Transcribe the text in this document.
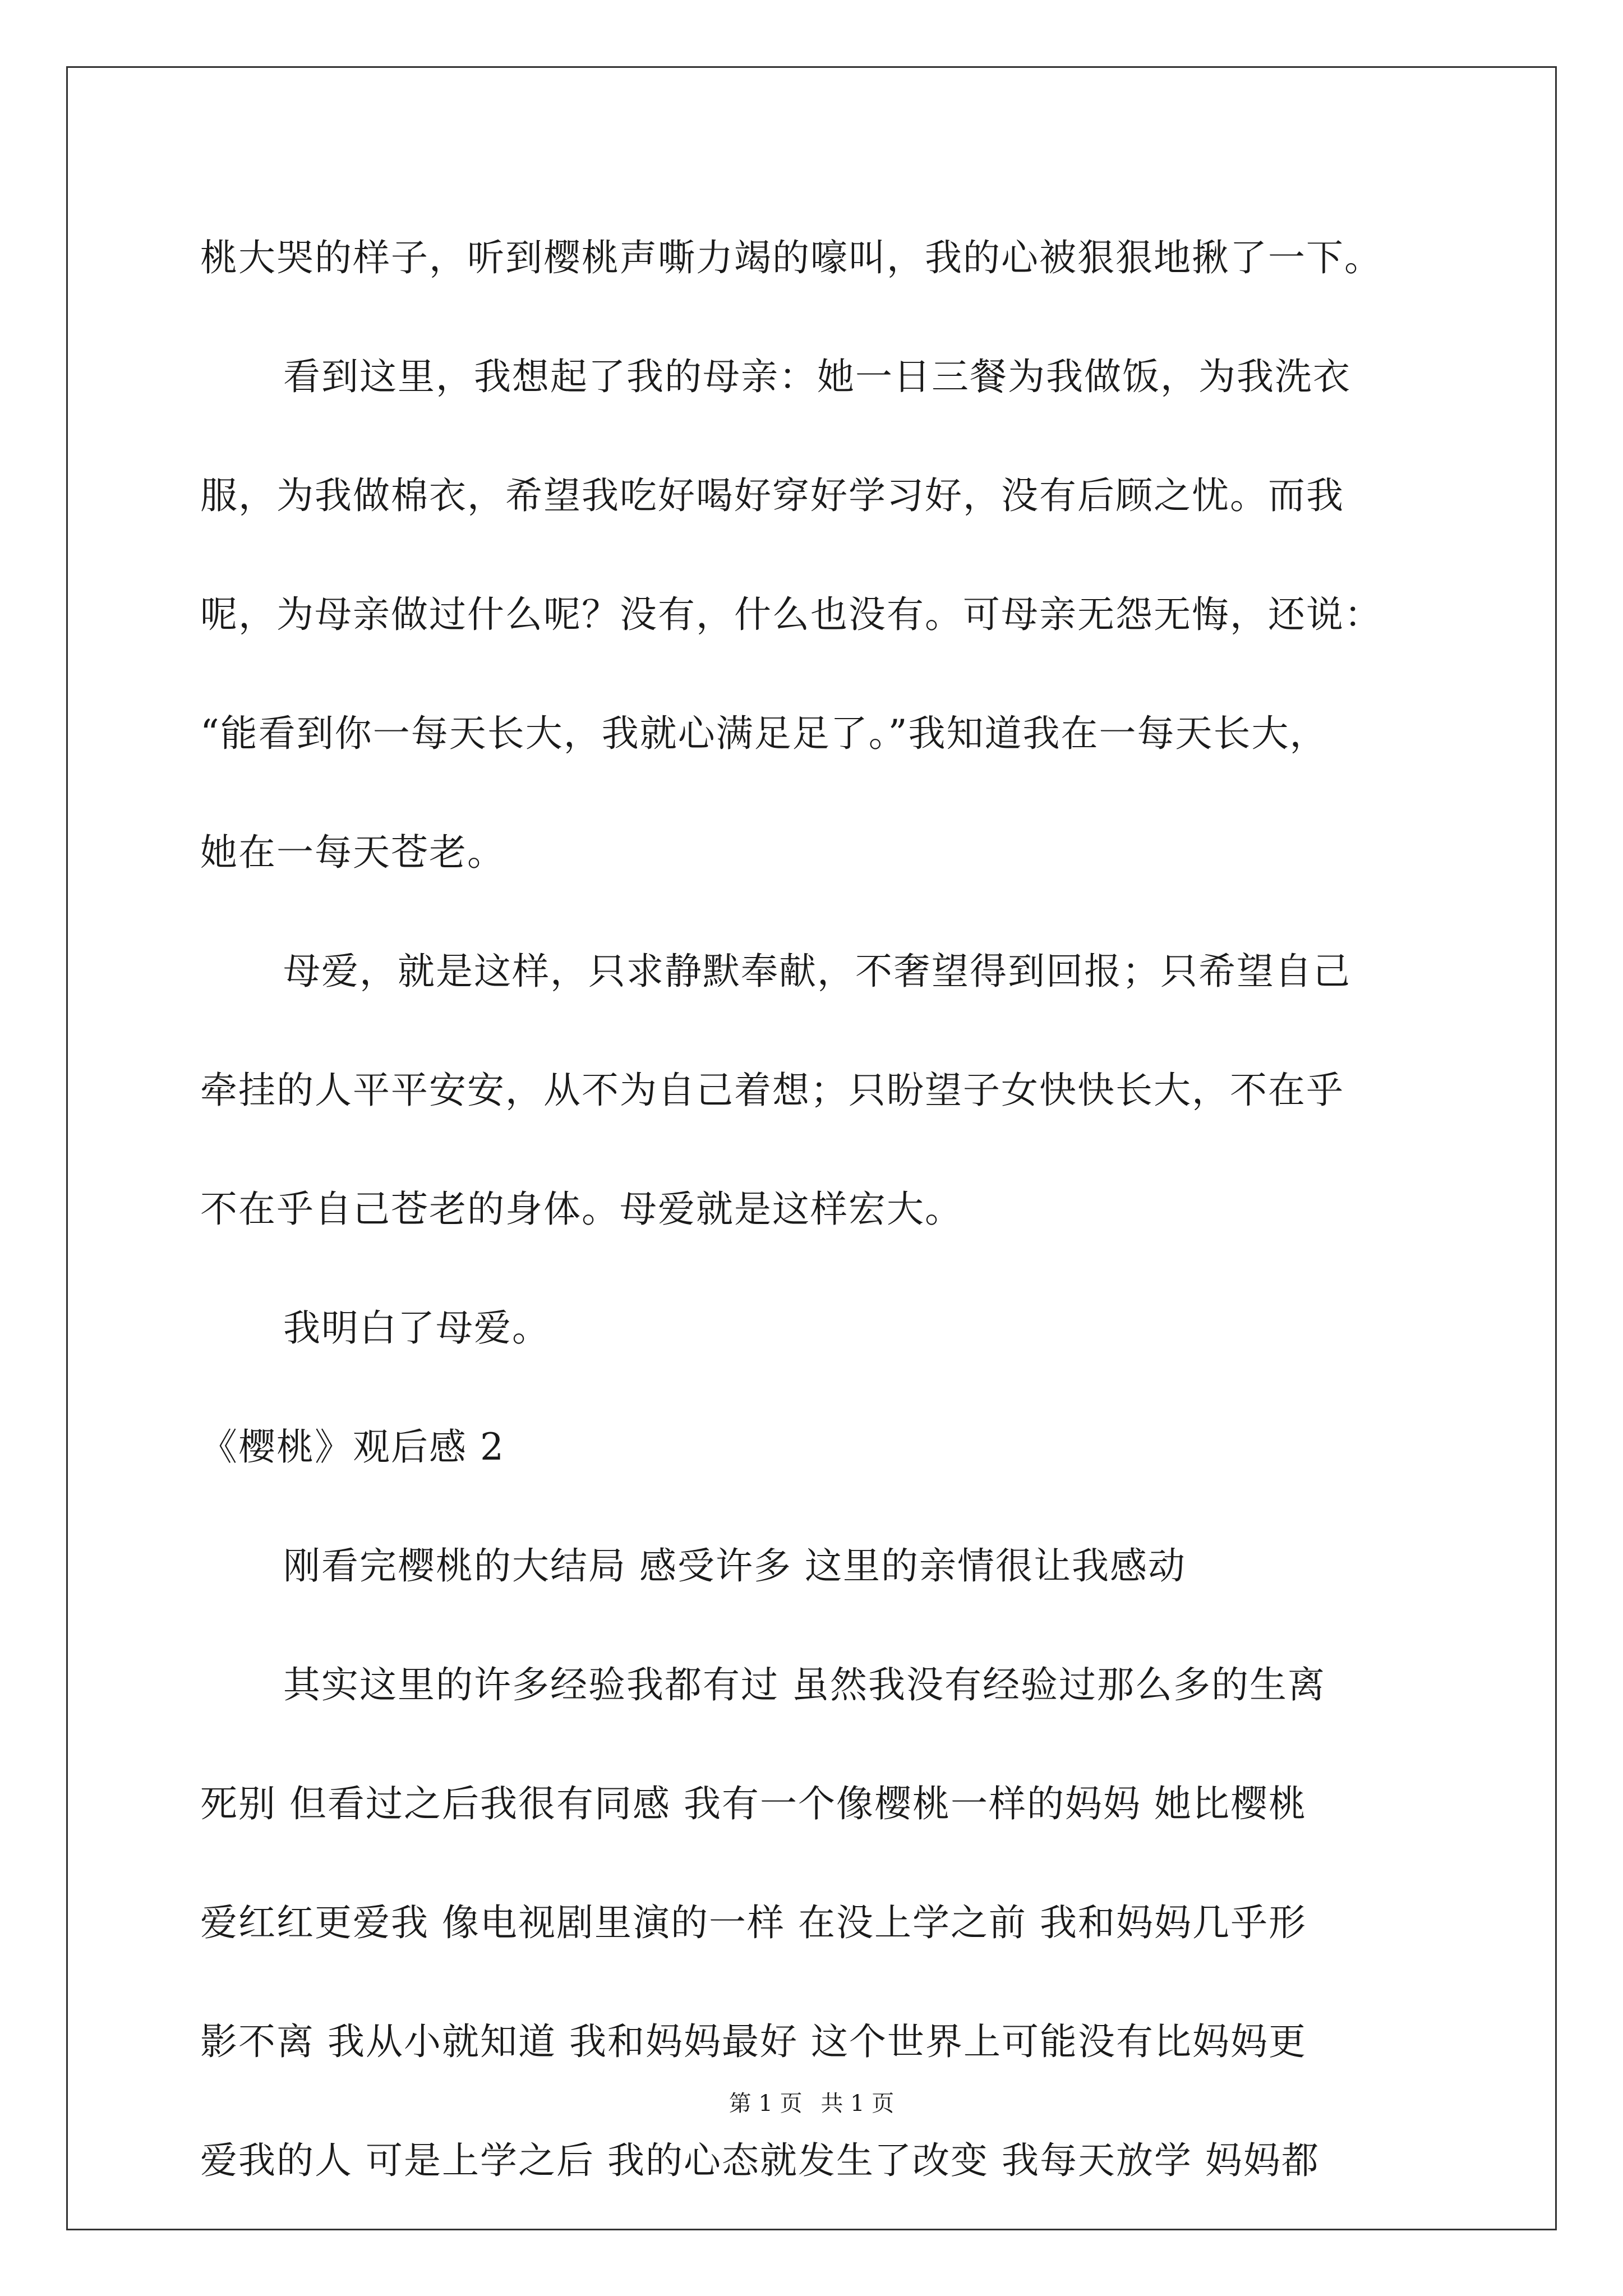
桃大哭的样子，听到樱桃声嘶力竭的嚎叫，我的心被狠狠地揪了一下。
看到这里，我想起了我的母亲：她一日三餐为我做饭，为我洗衣
服，为我做棉衣，希望我吃好喝好穿好学习好，没有后顾之忧。而我
呢，为母亲做过什么呢？没有，什么也没有。可母亲无怨无悔，还说：
“能看到你一每天长大，我就心满足足了。”我知道我在一每天长大，
她在一每天苍老。
母爱，就是这样，只求静默奉献，不奢望得到回报；只希望自己
牵挂的人平平安安，从不为自己着想；只盼望子女快快长大，不在乎
不在乎自己苍老的身体。母爱就是这样宏大。
我明白了母爱。
《樱桃》观后感 2
刚看完樱桃的大结局 感受许多 这里的亲情很让我感动
其实这里的许多经验我都有过 虽然我没有经验过那么多的生离
死别 但看过之后我很有同感 我有一个像樱桃一样的妈妈 她比樱桃
爱红红更爱我 像电视剧里演的一样 在没上学之前 我和妈妈几乎形
影不离 我从小就知道 我和妈妈最好 这个世界上可能没有比妈妈更
爱我的人 可是上学之后 我的心态就发生了改变 我每天放学 妈妈都
第 1 页 共 1 页
